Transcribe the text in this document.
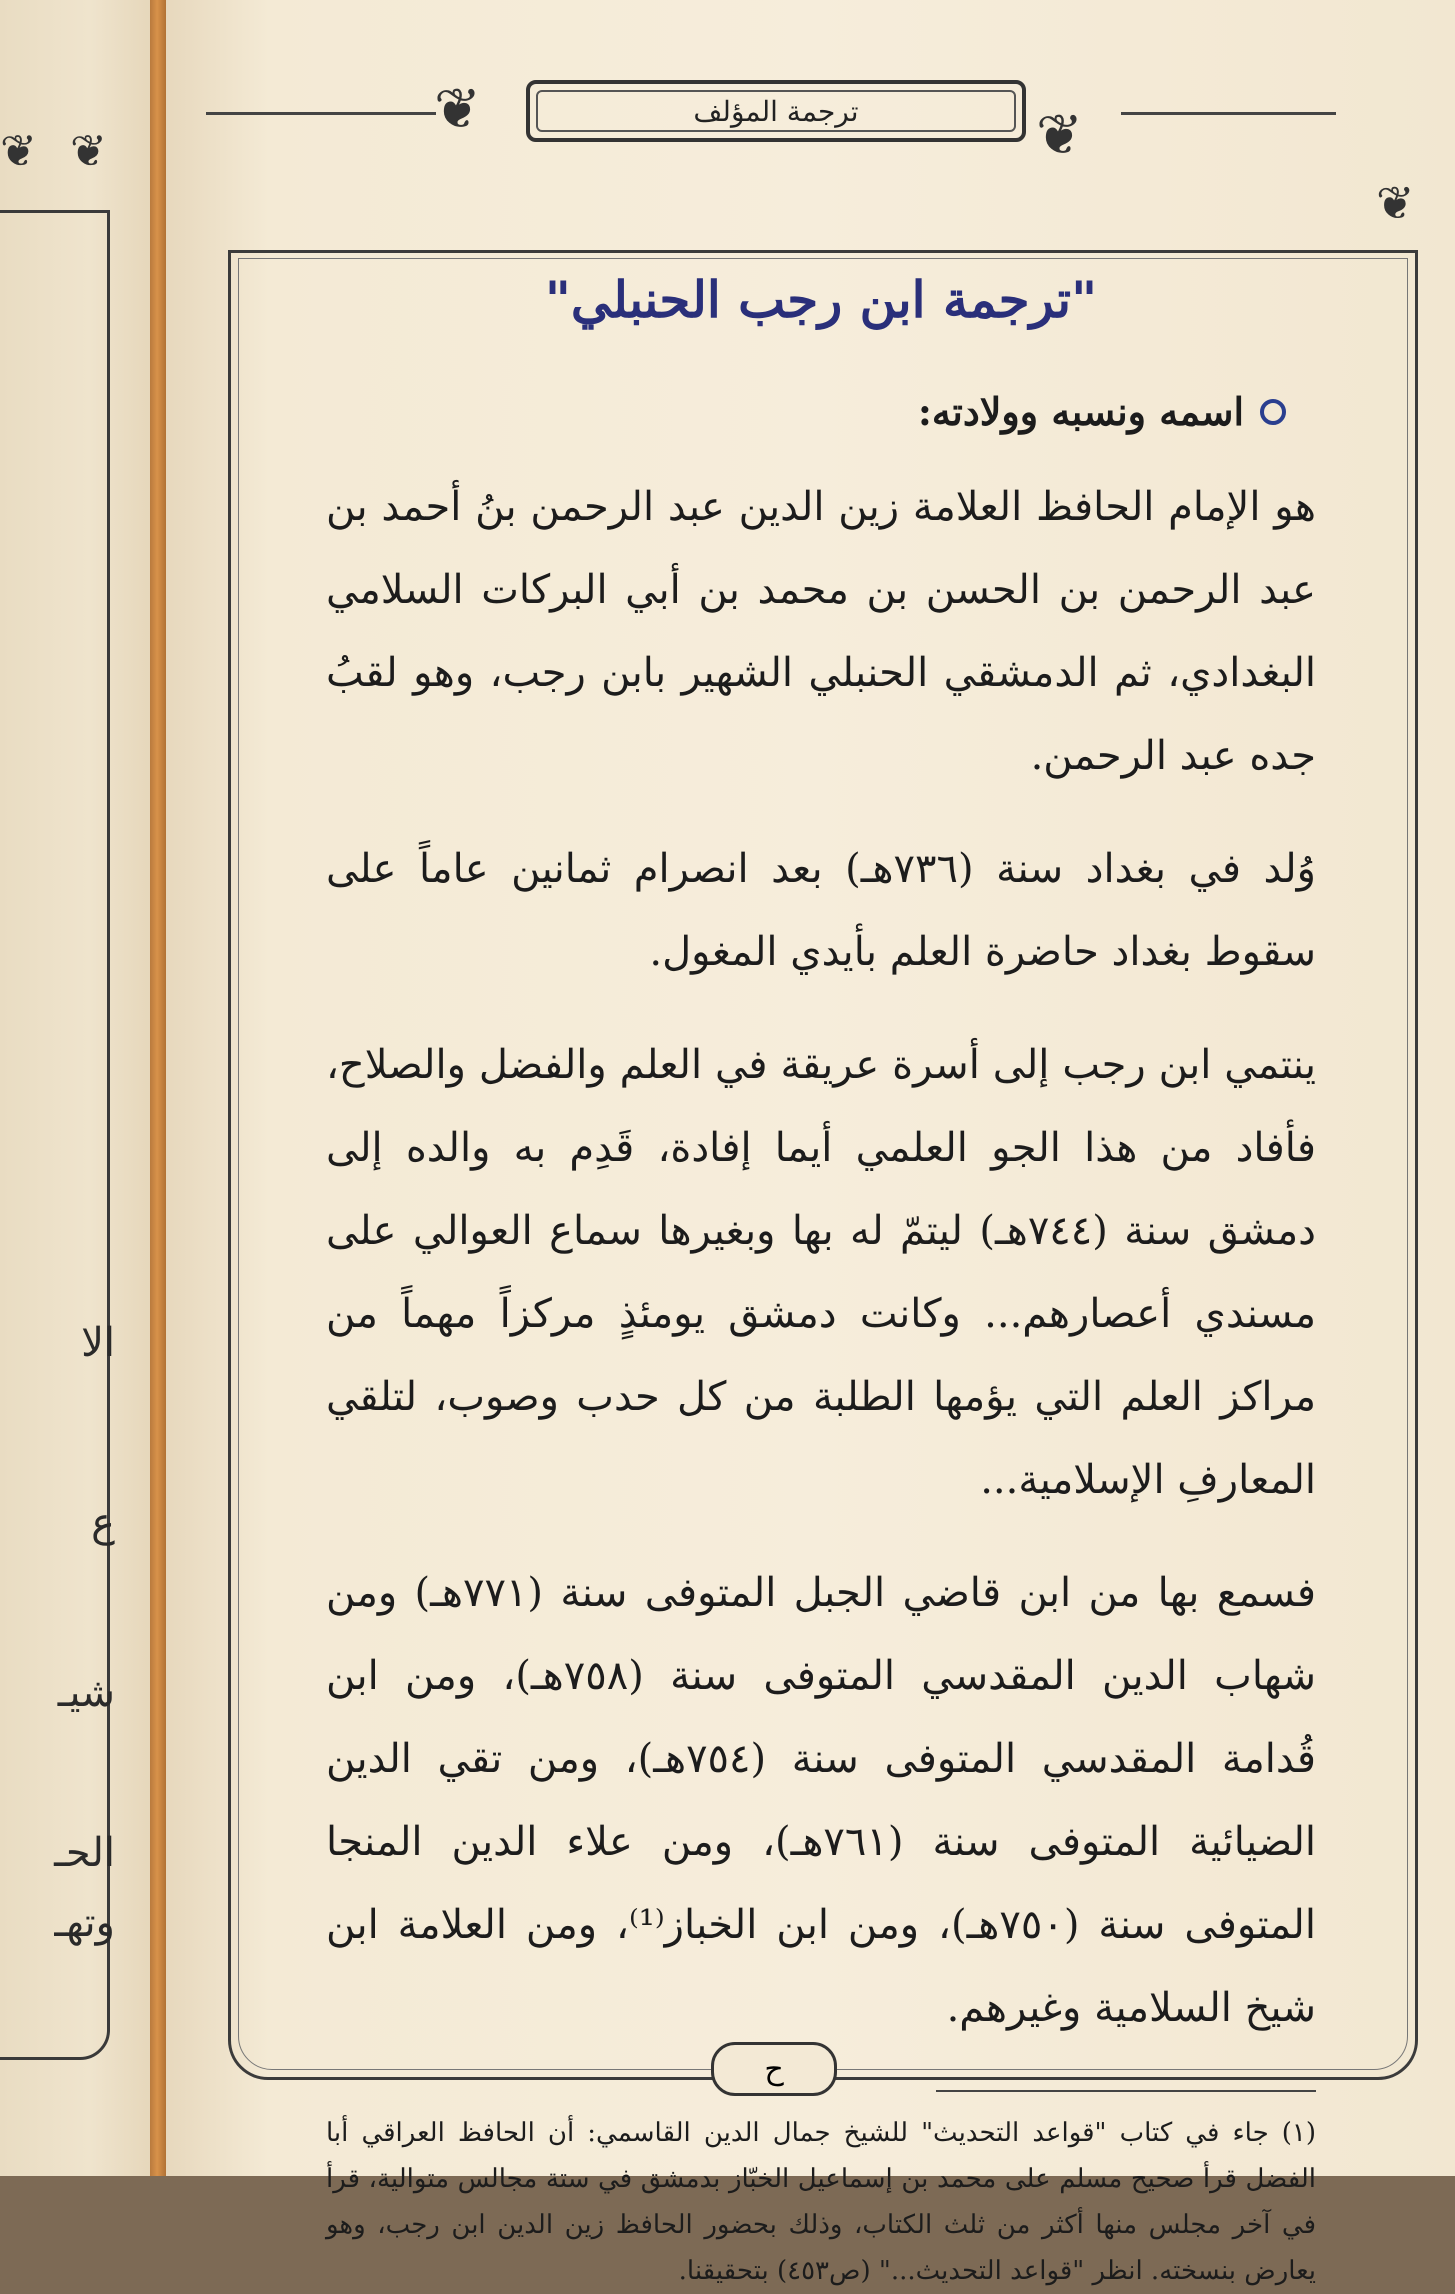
❦ ❦
الا
ع
شيـ
الحـ
وتهـ
❦	❦
❦
ترجمة المؤلف
"ترجمة ابن رجب الحنبلي"
اسمه ونسبه وولادته:

هو الإمام الحافظ العلامة زين الدين عبد الرحمن بنُ أحمد بن عبد الرحمن بن الحسن بن محمد بن أبي البركات السلامي البغدادي، ثم الدمشقي الحنبلي الشهير بابن رجب، وهو لقبُ جده عبد الرحمن.

وُلد في بغداد سنة (٧٣٦هـ) بعد انصرام ثمانين عاماً على سقوط بغداد حاضرة العلم بأيدي المغول.

ينتمي ابن رجب إلى أسرة عريقة في العلم والفضل والصلاح، فأفاد من هذا الجو العلمي أيما إفادة، قَدِم به والده إلى دمشق سنة (٧٤٤هـ) ليتمّ له بها وبغيرها سماع العوالي على مسندي أعصارهم... وكانت دمشق يومئذٍ مركزاً مهماً من مراكز العلم التي يؤمها الطلبة من كل حدب وصوب، لتلقي المعارفِ الإسلامية...

فسمع بها من ابن قاضي الجبل المتوفى سنة (٧٧١هـ) ومن شهاب الدين المقدسي المتوفى سنة (٧٥٨هـ)، ومن ابن قُدامة المقدسي المتوفى سنة (٧٥٤هـ)، ومن تقي الدين الضيائية المتوفى سنة (٧٦١هـ)، ومن علاء الدين المنجا المتوفى سنة (٧٥٠هـ)، ومن ابن الخباز⁽¹⁾، ومن العلامة ابن شيخ السلامية وغيرهم.

(١) جاء في كتاب "قواعد التحديث" للشيخ جمال الدين القاسمي: أن الحافظ العراقي أبا الفضل قرأ صحيح مسلم على محمد بن إسماعيل الخبّاز بدمشق في ستة مجالس متوالية، قرأ في آخر مجلس منها أكثر من ثلث الكتاب، وذلك بحضور الحافظ زين الدين ابن رجب، وهو يعارض بنسخته. انظر "قواعد التحديث..." (ص٤٥٣) بتحقيقنا.

ح
